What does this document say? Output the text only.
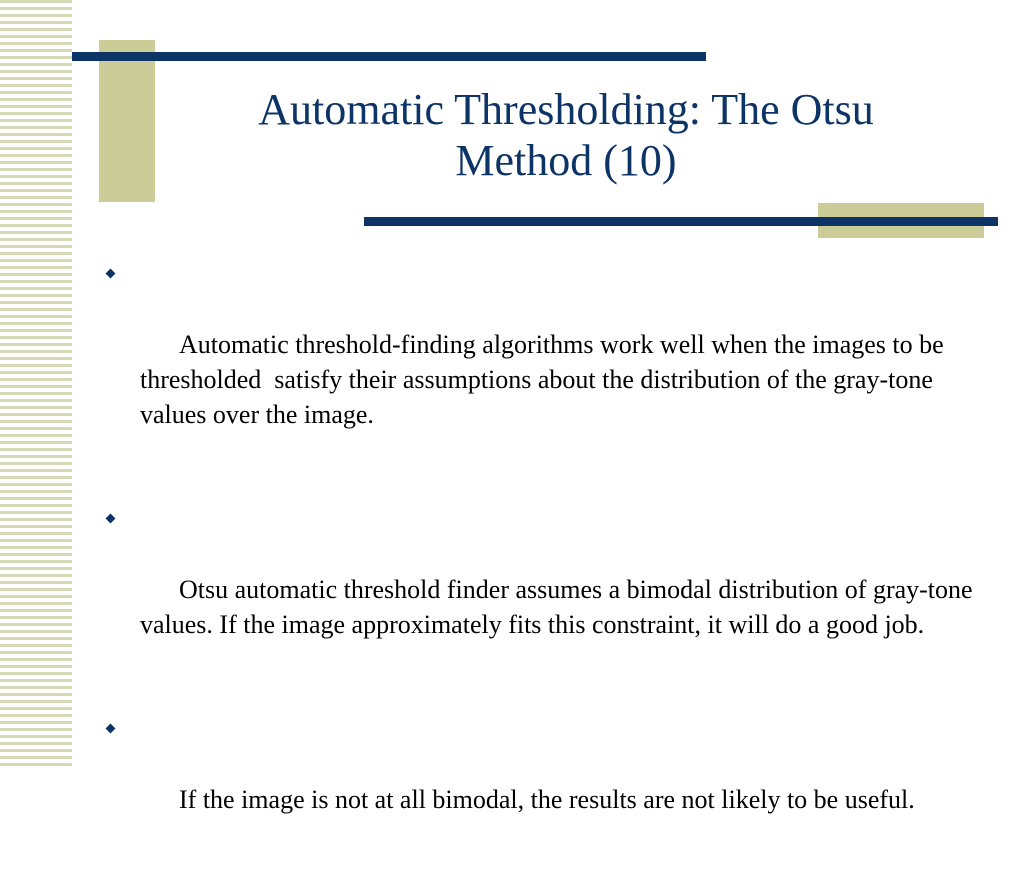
Automatic Thresholding: The Otsu Method (10)

Automatic threshold-finding algorithms work well when the images to be thresholded  satisfy their assumptions about the distribution of the gray-tone values over the image.

Otsu automatic threshold finder assumes a bimodal distribution of gray-tone values. If the image approximately fits this constraint, it will do a good job.

If the image is not at all bimodal, the results are not likely to be useful.
